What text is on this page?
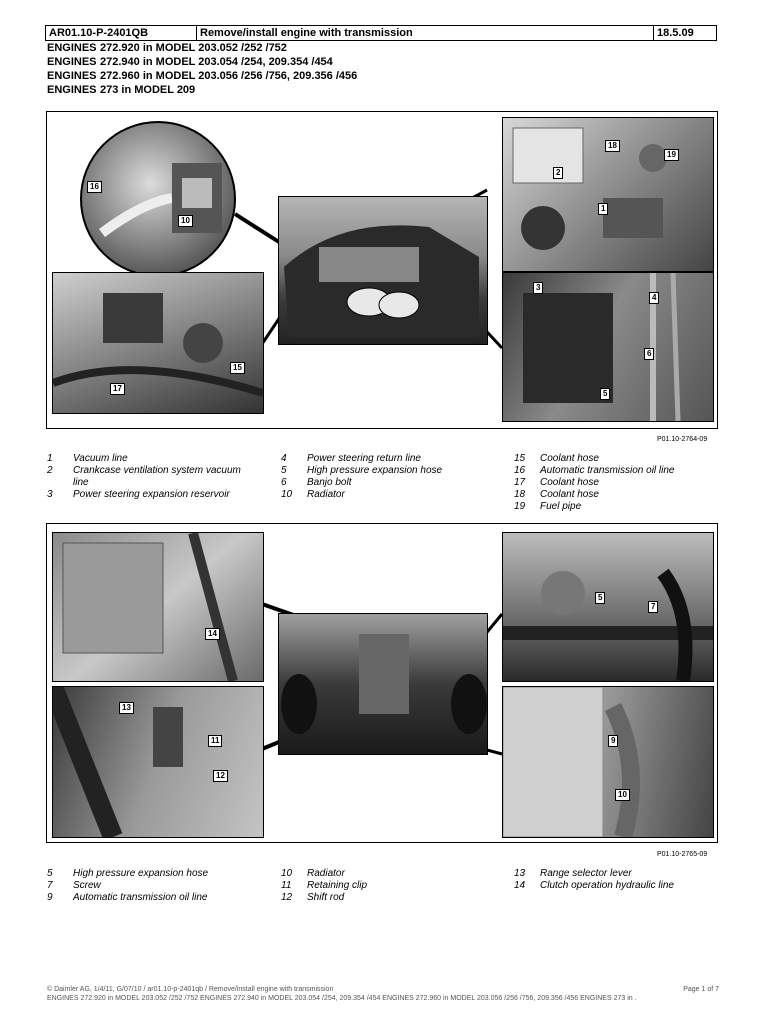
AR01.10-P-2401QB	Remove/install engine with transmission	18.5.09
ENGINES 272.920 in MODEL 203.052 /252 /752
ENGINES 272.940 in MODEL 203.054 /254, 209.354 /454
ENGINES 272.960 in MODEL 203.056 /256 /756, 209.356 /456
ENGINES 273 in MODEL 209
16
10
18
19
2
1
3
4
6
5
17
15
P01.10-2764-09
1	Vacuum line
2	Crankcase ventilation system vacuum line
3	Power steering expansion reservoir
4	Power steering return line
5	High pressure expansion hose
6	Banjo bolt
10	Radiator
15	Coolant hose
16	Automatic transmission oil line
17	Coolant hose
18	Coolant hose
19	Fuel pipe
14
5
7
13
11
12
9
10
P01.10-2765-09
5	High pressure expansion hose
7	Screw
9	Automatic transmission oil line
10	Radiator
11	Retaining clip
12	Shift rod
13	Range selector lever
14	Clutch operation hydraulic line
© Daimler AG, 1/4/11, G/07/10 / ar01.10-p-2401qb / Remove/install engine with transmission	Page 1 of 7
ENGINES 272.920 in MODEL 203.052 /252 /752 ENGINES 272.940 in MODEL 203.054 /254, 209.354 /454 ENGINES 272.960 in MODEL 203.056 /256 /756, 209.356 /456 ENGINES 273 in .
